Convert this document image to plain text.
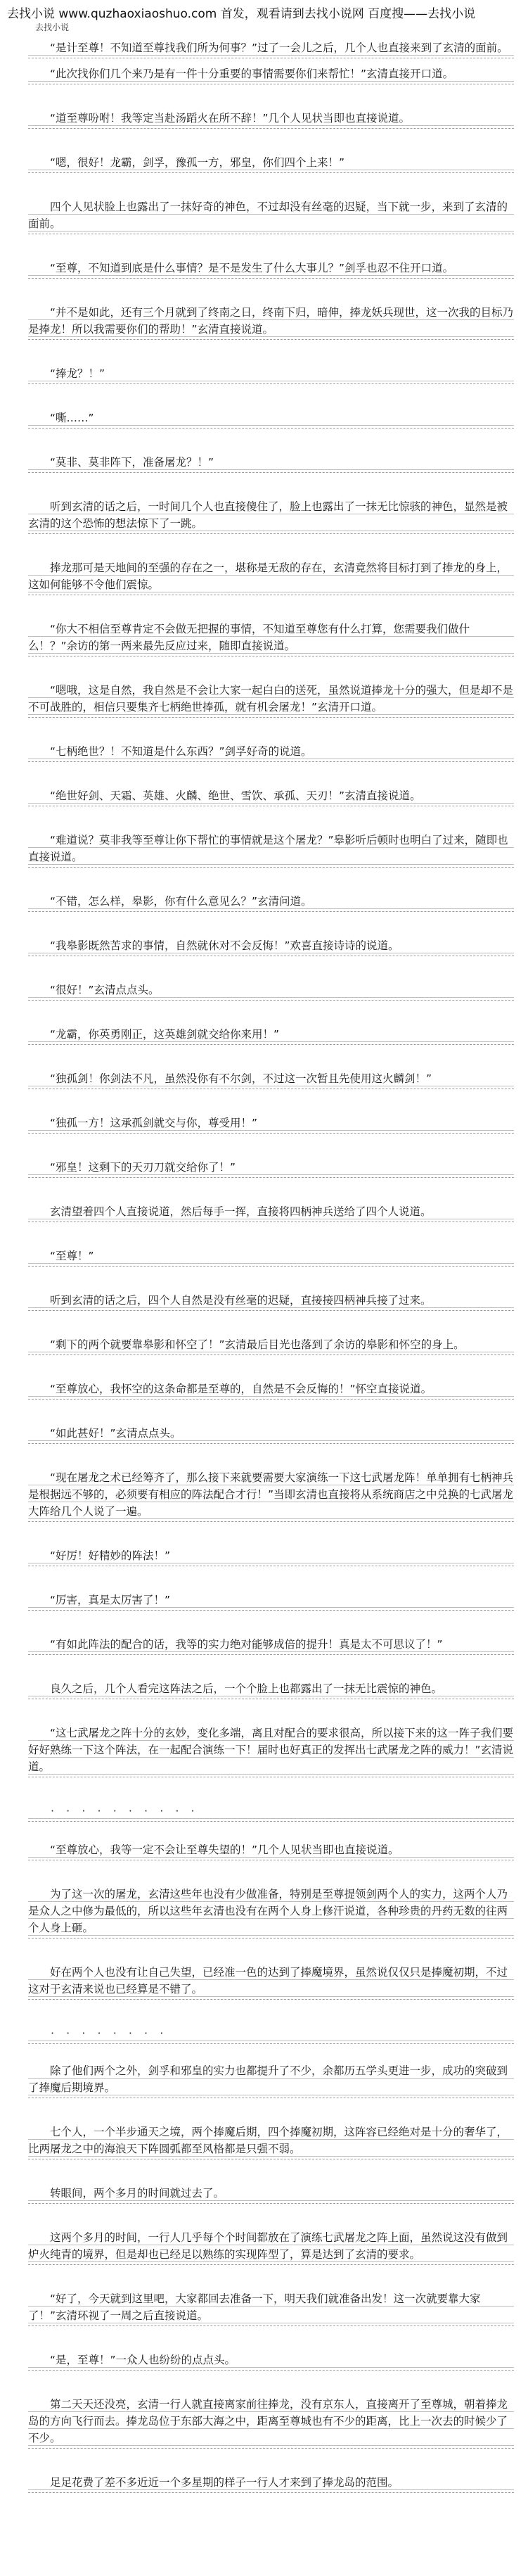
去找小说 www.quzhaoxiaoshuo.com 首发，观看请到去找小说网 百度搜——去找小说
去找小说

“是计至尊！不知道至尊找我们所为何事？”过了一会儿之后，几个人也直接来到了玄清的面前。

“此次找你们几个来乃是有一件十分重要的事情需要你们来帮忙！”玄清直接开口道。

“道至尊吩咐！我等定当赴汤蹈火在所不辞！”几个人见状当即也直接说道。

“嗯，很好！龙霸，剑孚，豫孤一方，邪皇，你们四个上来！”

四个人见状脸上也露出了一抹好奇的神色，不过却没有丝毫的迟疑，当下就一步，来到了玄清的面前。

“至尊，不知道到底是什么事情？是不是发生了什么大事儿？”剑孚也忍不住开口道。

“并不是如此，还有三个月就到了终南之日，终南下归，暗伸，捧龙妖兵现世，这一次我的目标乃是捧龙！所以我需要你们的帮助！”玄清直接说道。

“捧龙？！”

“嘶……”

“莫非、莫非阵下，准备屠龙？！”

听到玄清的话之后，一时间几个人也直接傻住了，脸上也露出了一抹无比惊骇的神色，显然是被玄清的这个恐怖的想法惊下了一跳。

捧龙那可是天地间的至强的存在之一，堪称是无敌的存在，玄清竟然将目标打到了捧龙的身上，这如何能够不令他们震惊。

“你大不相信至尊肯定不会做无把握的事情，不知道至尊您有什么打算，您需要我们做什么！？”余访的第一两来最先反应过来，随即直接说道。

“嗯哦，这是自然，我自然是不会让大家一起白白的送死，虽然说道捧龙十分的强大，但是却不是不可战胜的，相信只要集齐七柄绝世捧孤，就有机会屠龙！”玄清开口道。

“七柄绝世？！不知道是什么东西？”剑孚好奇的说道。

“绝世好剑、天霜、英雄、火麟、绝世、雪饮、承孤、天刃！”玄清直接说道。

“难道说？莫非我等至尊让你下帮忙的事情就是这个屠龙？”皋影听后顿时也明白了过来，随即也直接说道。

“不错，怎么样，皋影，你有什么意见么？”玄清问道。

“我皋影既然苦求的事情，自然就休对不会反悔！”欢喜直接诗诗的说道。

“很好！”玄清点点头。

“龙霸，你英勇刚正，这英雄剑就交给你来用！”

“独孤剑！你剑法不凡，虽然没你有不尔剑，不过这一次暂且先使用这火麟剑！”

“独孤一方！这承孤剑就交与你，尊受用！”

“邪皇！这剩下的天刃刀就交给你了！”

玄清望着四个人直接说道，然后每手一挥，直接将四柄神兵送给了四个人说道。

“至尊！”

听到玄清的话之后，四个人自然是没有丝毫的迟疑，直接接四柄神兵接了过来。

“剩下的两个就要靠皋影和怀空了！”玄清最后目光也落到了余访的皋影和怀空的身上。

“至尊放心，我怀空的这条命都是至尊的，自然是不会反悔的！”怀空直接说道。

“如此甚好！”玄清点点头。

“现在屠龙之术已经筹齐了，那么接下来就要需要大家演练一下这七武屠龙阵！单单拥有七柄神兵是根据远不够的，必须要有相应的阵法配合才行！”当即玄清也直接将从系统商店之中兑换的七武屠龙大阵给几个人说了一遍。

“好厉！好精妙的阵法！”

“厉害，真是太厉害了！”

“有如此阵法的配合的话，我等的实力绝对能够成倍的提升！真是太不可思议了！”

良久之后，几个人看完这阵法之后，一个个脸上也都露出了一抹无比震惊的神色。

“这七武屠龙之阵十分的玄妙，变化多端，离且对配合的要求很高，所以接下来的这一阵子我们要好好熟练一下这个阵法，在一起配合演练一下！届时也好真正的发挥出七武屠龙之阵的威力！”玄清说道。

· · · · · · · · · ·

“至尊放心，我等一定不会让至尊失望的！”几个人见状当即也直接说道。

为了这一次的屠龙，玄清这些年也没有少做准备，特别是至尊提领剑两个人的实力，这两个人乃是众人之中修为最低的，所以这些年玄清也没有在两个人身上修汗说道，各种珍贵的丹药无数的往两个人身上砸。

好在两个人也没有让自己失望，已经准一色的达到了捧魔境界，虽然说仅仅只是捧魔初期，不过这对于玄清来说也已经算是不错了。

· · · · · · · ·

除了他们两个之外，剑孚和邪皇的实力也都提升了不少，余都历五学头更进一步，成功的突破到了捧魔后期境界。

七个人，一个半步通天之境，两个捧魔后期，四个捧魔初期，这阵容已经绝对是十分的奢华了，比两屠龙之中的海浪天下阵圆弧都至风格都是只强不弱。

转眼间，两个多月的时间就过去了。

这两个多月的时间，一行人几乎每个个时间都放在了演练七武屠龙之阵上面，虽然说这没有做到炉火纯青的境界，但是却也已经足以熟练的实现阵型了，算是达到了玄清的要求。

“好了，今天就到这里吧，大家都回去准备一下，明天我们就准备出发！这一次就要靠大家了！”玄清环视了一周之后直接说道。

“是，至尊！”一众人也纷纷的点点头。

第二天天还没亮，玄清一行人就直接离家前往捧龙，没有京东人，直接离开了至尊城，朝着捧龙岛的方向飞行而去。捧龙岛位于东部大海之中，距离至尊城也有不少的距离，比上一次去的时候少了不少。

足足花费了差不多近近一个多星期的样子一行人才来到了捧龙岛的范围。
